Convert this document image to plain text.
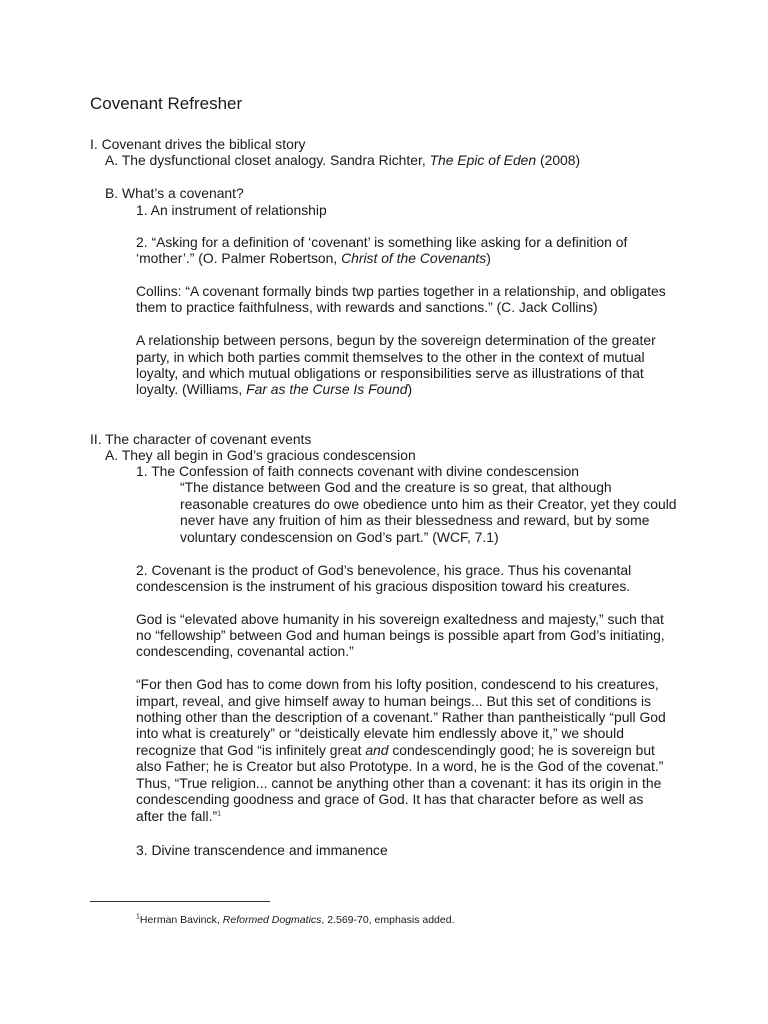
Covenant Refresher
I. Covenant drives the biblical story
A. The dysfunctional closet analogy. Sandra Richter, The Epic of Eden (2008)
B. What’s a covenant?
1. An instrument of relationship
2. “Asking for a definition of ‘covenant’ is something like asking for a definition of
‘mother’.” (O. Palmer Robertson, Christ of the Covenants)
Collins: “A covenant formally binds twp parties together in a relationship, and obligates
them to practice faithfulness, with rewards and sanctions.” (C. Jack Collins)
A relationship between persons, begun by the sovereign determination of the greater
party, in which both parties commit themselves to the other in the context of mutual
loyalty, and which mutual obligations or responsibilities serve as illustrations of that
loyalty. (Williams, Far as the Curse Is Found)
II. The character of covenant events
A. They all begin in God’s gracious condescension
1. The Confession of faith connects covenant with divine condescension
“The distance between God and the creature is so great, that although
reasonable creatures do owe obedience unto him as their Creator, yet they could
never have any fruition of him as their blessedness and reward, but by some
voluntary condescension on God’s part.” (WCF, 7.1)
2. Covenant is the product of God’s benevolence, his grace. Thus his covenantal
condescension is the instrument of his gracious disposition toward his creatures.
God is “elevated above humanity in his sovereign exaltedness and majesty,” such that
no “fellowship” between God and human beings is possible apart from God’s initiating,
condescending, covenantal action.”
“For then God has to come down from his lofty position, condescend to his creatures,
impart, reveal, and give himself away to human beings... But this set of conditions is
nothing other than the description of a covenant.” Rather than pantheistically “pull God
into what is creaturely” or “deistically elevate him endlessly above it,” we should
recognize that God “is infinitely great and condescendingly good; he is sovereign but
also Father; he is Creator but also Prototype. In a word, he is the God of the covenat.”
Thus, “True religion... cannot be anything other than a covenant: it has its origin in the
condescending goodness and grace of God. It has that character before as well as
after the fall.”$^1$
3. Divine transcendence and immanence
$^1$Herman Bavinck, Reformed Dogmatics, 2.569-70, emphasis added.
